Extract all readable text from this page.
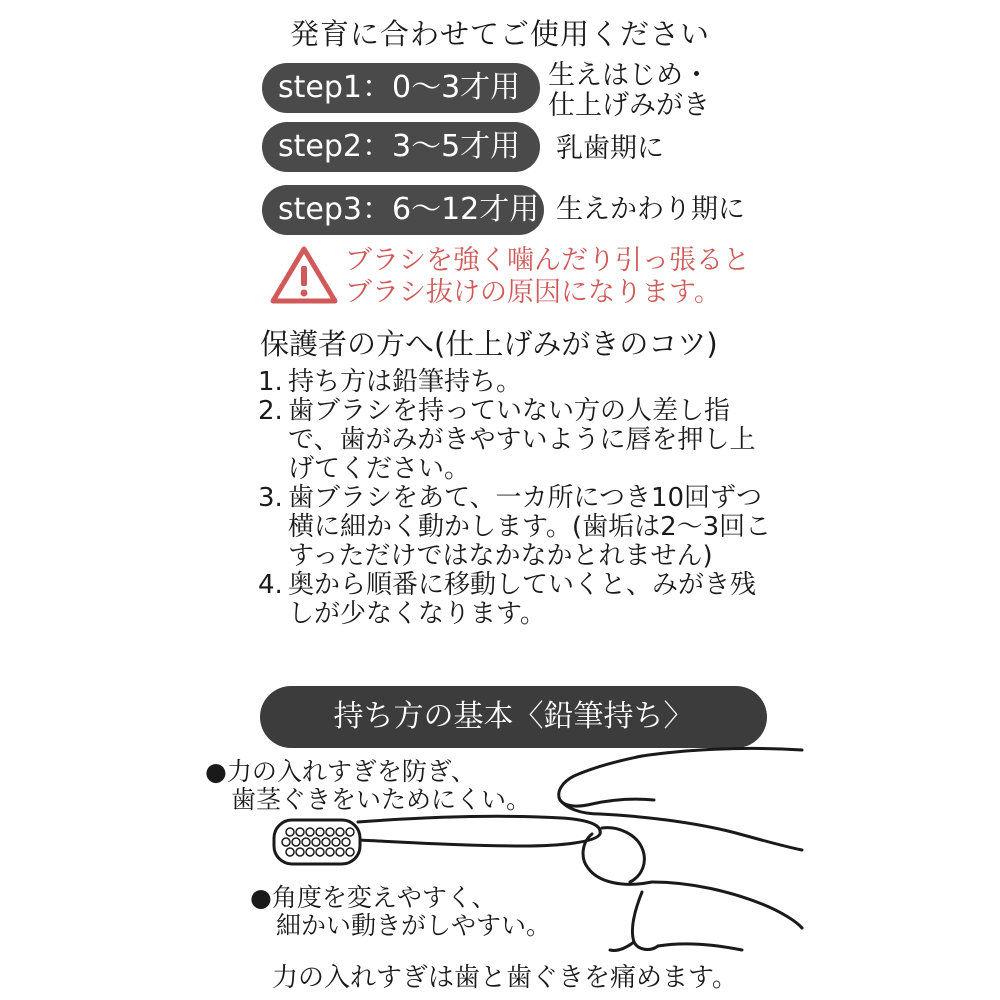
発育に合わせてご使用ください
step1：0〜3才用	生えはじめ・
仕上げみがき
step2：3〜5才用	乳歯期に
step3：6〜12才用 生えかわり期に
ブラシを強く噛んだり引っ張ると
ブラシ抜けの原因になります。
保護者の方へ(仕上げみがきのコツ)
1. 持ち方は鉛筆持ち。
2. 歯ブラシを持っていない方の人差し指で、歯がみがきやすいように唇を押し上げてください。
3. 歯ブラシをあて、一カ所につき10回ずつ横に細かく動かします。(歯垢は2〜3回こすっただけではなかなかとれません)
4. 奥から順番に移動していくと、みがき残しが少なくなります。
持ち方の基本〈鉛筆持ち〉
●力の入れすぎを防ぎ、
歯茎ぐきをいためにくい。
●角度を変えやすく、
細かい動きがしやすい。
力の入れすぎは歯と歯ぐきを痛めます。
